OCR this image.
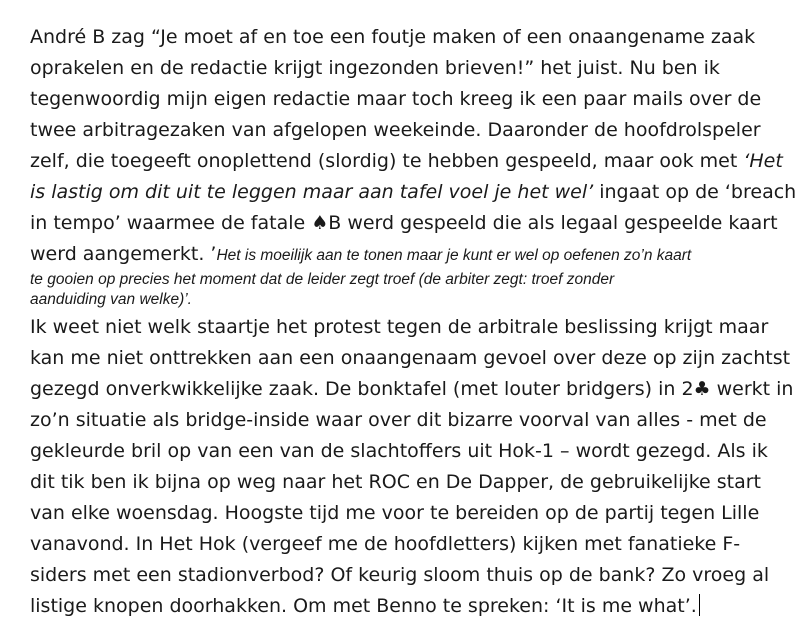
André B zag “Je moet af en toe een foutje maken of een onaangename zaak
oprakelen en de redactie krijgt ingezonden brieven!” het juist. Nu ben ik
tegenwoordig mijn eigen redactie maar toch kreeg ik een paar mails over de
twee arbitragezaken van afgelopen weekeinde. Daaronder de hoofdrolspeler
zelf, die toegeeft onoplettend (slordig) te hebben gespeeld, maar ook met ‘Het
is lastig om dit uit te leggen maar aan tafel voel je het wel’ ingaat op de ‘breach
in tempo’ waarmee de fatale ♠B werd gespeeld die als legaal gespeelde kaart
werd aangemerkt. ’Het is moeilijk aan te tonen maar je kunt er wel op oefenen zo’n kaart
te gooien op precies het moment dat de leider zegt troef (de arbiter zegt: troef zonder
aanduiding van welke)’.
Ik weet niet welk staartje het protest tegen de arbitrale beslissing krijgt maar
kan me niet onttrekken aan een onaangenaam gevoel over deze op zijn zachtst
gezegd onverkwikkelijke zaak. De bonktafel (met louter bridgers) in 2♣ werkt in
zo’n situatie als bridge-inside waar over dit bizarre voorval van alles - met de
gekleurde bril op van een van de slachtoffers uit Hok-1 – wordt gezegd. Als ik
dit tik ben ik bijna op weg naar het ROC en De Dapper, de gebruikelijke start
van elke woensdag. Hoogste tijd me voor te bereiden op de partij tegen Lille
vanavond. In Het Hok (vergeef me de hoofdletters) kijken met fanatieke F-
siders met een stadionverbod? Of keurig sloom thuis op de bank? Zo vroeg al
listige knopen doorhakken. Om met Benno te spreken: ‘It is me what’.
